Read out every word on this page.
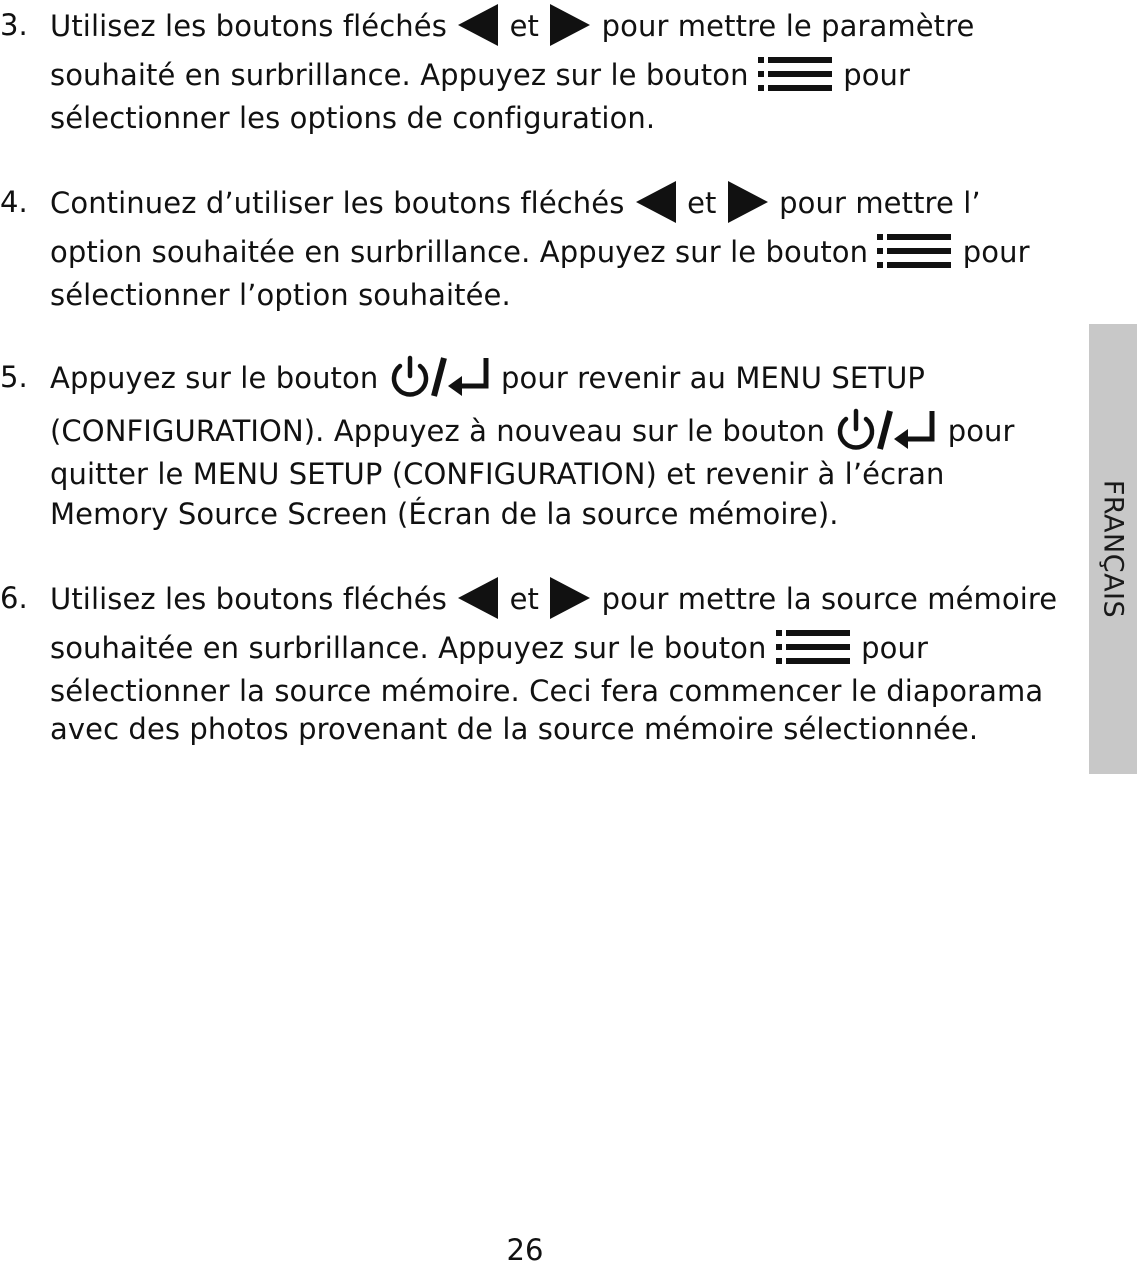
3. Utilisez les boutons fléchés
et
pour mettre le paramètre
souhaité en surbrillance. Appuyez sur le bouton	pour
sélectionner les options de configuration.
4. Continuez d’utiliser les boutons fléchés
et
pour mettre l’
option souhaitée en surbrillance. Appuyez sur le bouton	pour
sélectionner l’option souhaitée.
5. Appuyez sur le bouton	pour revenir au MENU SETUP
(CONFIGURATION). Appuyez à nouveau sur le bouton	pour
quitter le MENU SETUP (CONFIGURATION) et revenir à l’écran
Memory Source Screen (Écran de la source mémoire).
6. Utilisez les boutons fléchés
et
pour mettre la source mémoire
souhaitée en surbrillance. Appuyez sur le bouton	pour
sélectionner la source mémoire. Ceci fera commencer le diaporama
avec des photos provenant de la source mémoire sélectionnée.
FRANÇAIS
26
